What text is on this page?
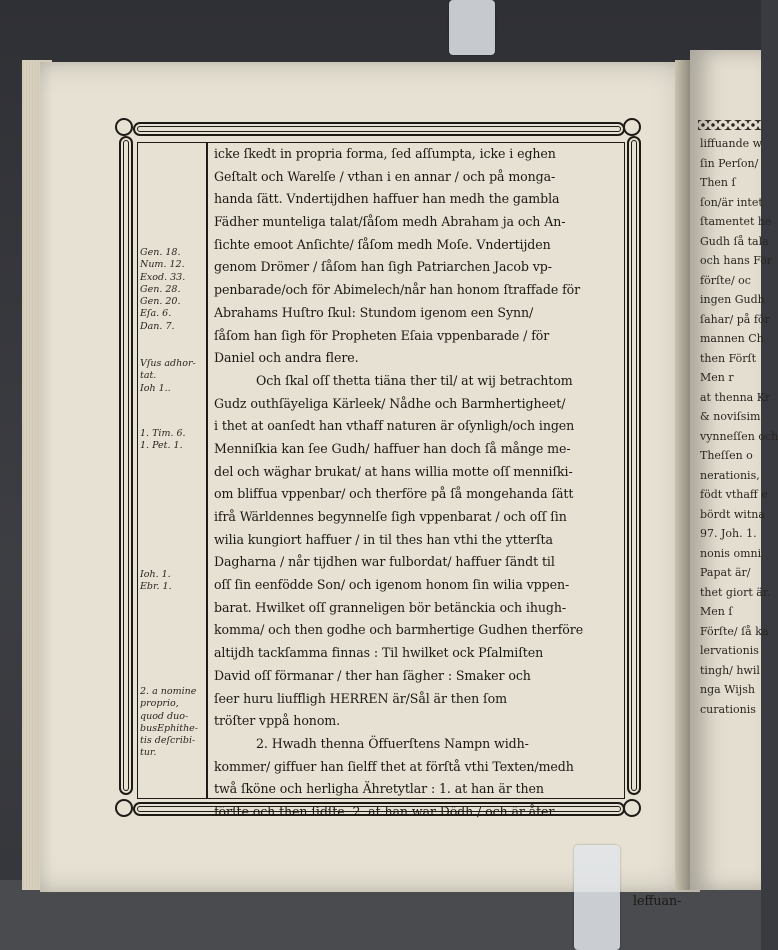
liffuande w
ſin Perſon/
Then ſ
ſon/är intet
ſtamentet he
Gudh ſå tala
och hans För
förſte/ oc
ingen Gudh
ſahar/ på för
mannen Ch
then Förſt
Men r
at thenna Kr
& noviſsim
vynneſſen och
Theſſen o
nerationis,
födt vthaff e
bördt witna
97. Joh. 1.
nonis omni
Papat är/
thet giort är.
Men ſ
Förſte/ ſå ka
lervationis
tingh/ hwil
nga Wijsh
curationis
Gen. 18.
Num. 12.
Exod. 33.
Gen. 28.
Gen. 20.
Eſa. 6.
Dan. 7.
Vſus adhor-
tat.
Ioh 1..
1. Tim. 6.
1. Pet. 1.
Ioh. 1.
Ebr. 1.
2. a nomine
proprio,
quod duo-
busEphithe-
tis deſcribi-
tur.
icke ſkedt in propria forma, ſed aſſumpta, icke i eghen
Geſtalt och Warelſe / vthan i en annar / och på monga-
handa ſätt. Vndertijdhen haffuer han medh the gambla
Fädher munteliga talat/ſåſom medh Abraham ja och An-
ſichte emoot Anſichte/ ſåſom medh Moſe. Vndertijden
genom Drömer / ſåſom han ſigh Patriarchen Jacob vp-
penbarade/och för Abimelech/når han honom ſtraffade för
Abrahams Huſtro ſkul: Stundom igenom een Synn/
ſåſom han ſigh för Propheten Eſaia vppenbarade / för
Daniel och andra flere.
Och ſkal oſſ thetta tiäna ther til/ at wij betrachtom
Gudz outhſäyeliga Kärleek/ Nådhe och Barmhertigheet/
i thet at oanſedt han vthaff naturen är oſynligh/och ingen
Menniſkia kan ſee Gudh/ haffuer han doch ſå månge me-
del och wäghar brukat/ at hans willia motte oſſ menniſki-
om bliffua vppenbar/ och therföre på ſå mongehanda ſätt
ifrå Wärldennes begynnelſe ſigh vppenbarat / och oſſ ſin
wilia kungiort haffuer / in til thes han vthi the ytterſta
Dagharna / når tijdhen war fulbordat/ haffuer ſändt til
oſſ ſin eenfödde Son/ och igenom honom ſin wilia vppen-
barat. Hwilket oſſ granneligen bör betänckia och ihugh-
komma/ och then godhe och barmhertige Gudhen therföre
altijdh tackſamma finnas : Til hwilket ock Pſalmiſten
David oſſ förmanar / ther han ſägher : Smaker och
ſeer huru liuffligh HERREN är/Sål är then ſom
tröſter vppå honom.
2. Hwadh thenna Öffuerſtens Nampn widh-
kommer/ giffuer han ſielff thet at förſtå vthi Texten/medh
twå ſköne och herligha Ähretytlar : 1. at han är then
förſte och then ſidſte. 2. at han war Dödh / och är åter
leffuan-
